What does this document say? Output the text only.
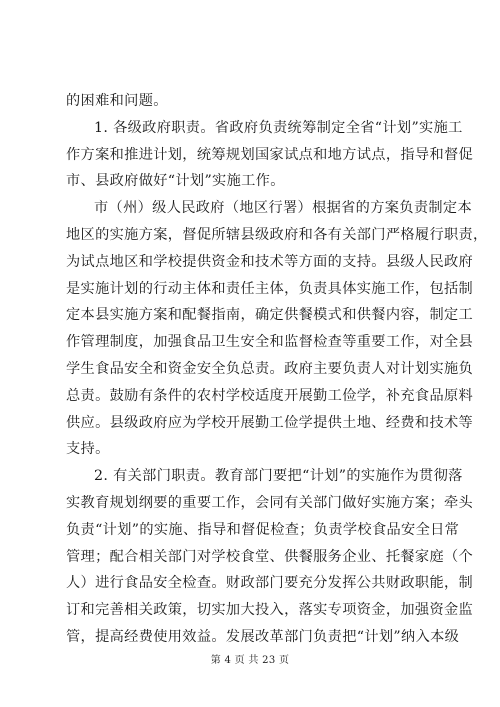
的困难和问题。
1. 各级政府职责。省政府负责统筹制定全省“计划”实施工
作方案和推进计划，统筹规划国家试点和地方试点，指导和督促
市、县政府做好“计划”实施工作。
市（州）级人民政府（地区行署）根据省的方案负责制定本
地区的实施方案，督促所辖县级政府和各有关部门严格履行职责，
为试点地区和学校提供资金和技术等方面的支持。县级人民政府
是实施计划的行动主体和责任主体，负责具体实施工作，包括制
定本县实施方案和配餐指南，确定供餐模式和供餐内容，制定工
作管理制度，加强食品卫生安全和监督检查等重要工作，对全县
学生食品安全和资金安全负总责。政府主要负责人对计划实施负
总责。鼓励有条件的农村学校适度开展勤工俭学，补充食品原料
供应。县级政府应为学校开展勤工俭学提供土地、经费和技术等
支持。
2. 有关部门职责。教育部门要把“计划”的实施作为贯彻落
实教育规划纲要的重要工作，会同有关部门做好实施方案；牵头
负责“计划”的实施、指导和督促检查；负责学校食品安全日常
管理；配合相关部门对学校食堂、供餐服务企业、托餐家庭（个
人）进行食品安全检查。财政部门要充分发挥公共财政职能，制
订和完善相关政策，切实加大投入，落实专项资金，加强资金监
管，提高经费使用效益。发展改革部门负责把“计划”纳入本级
第 4 页 共 23 页
